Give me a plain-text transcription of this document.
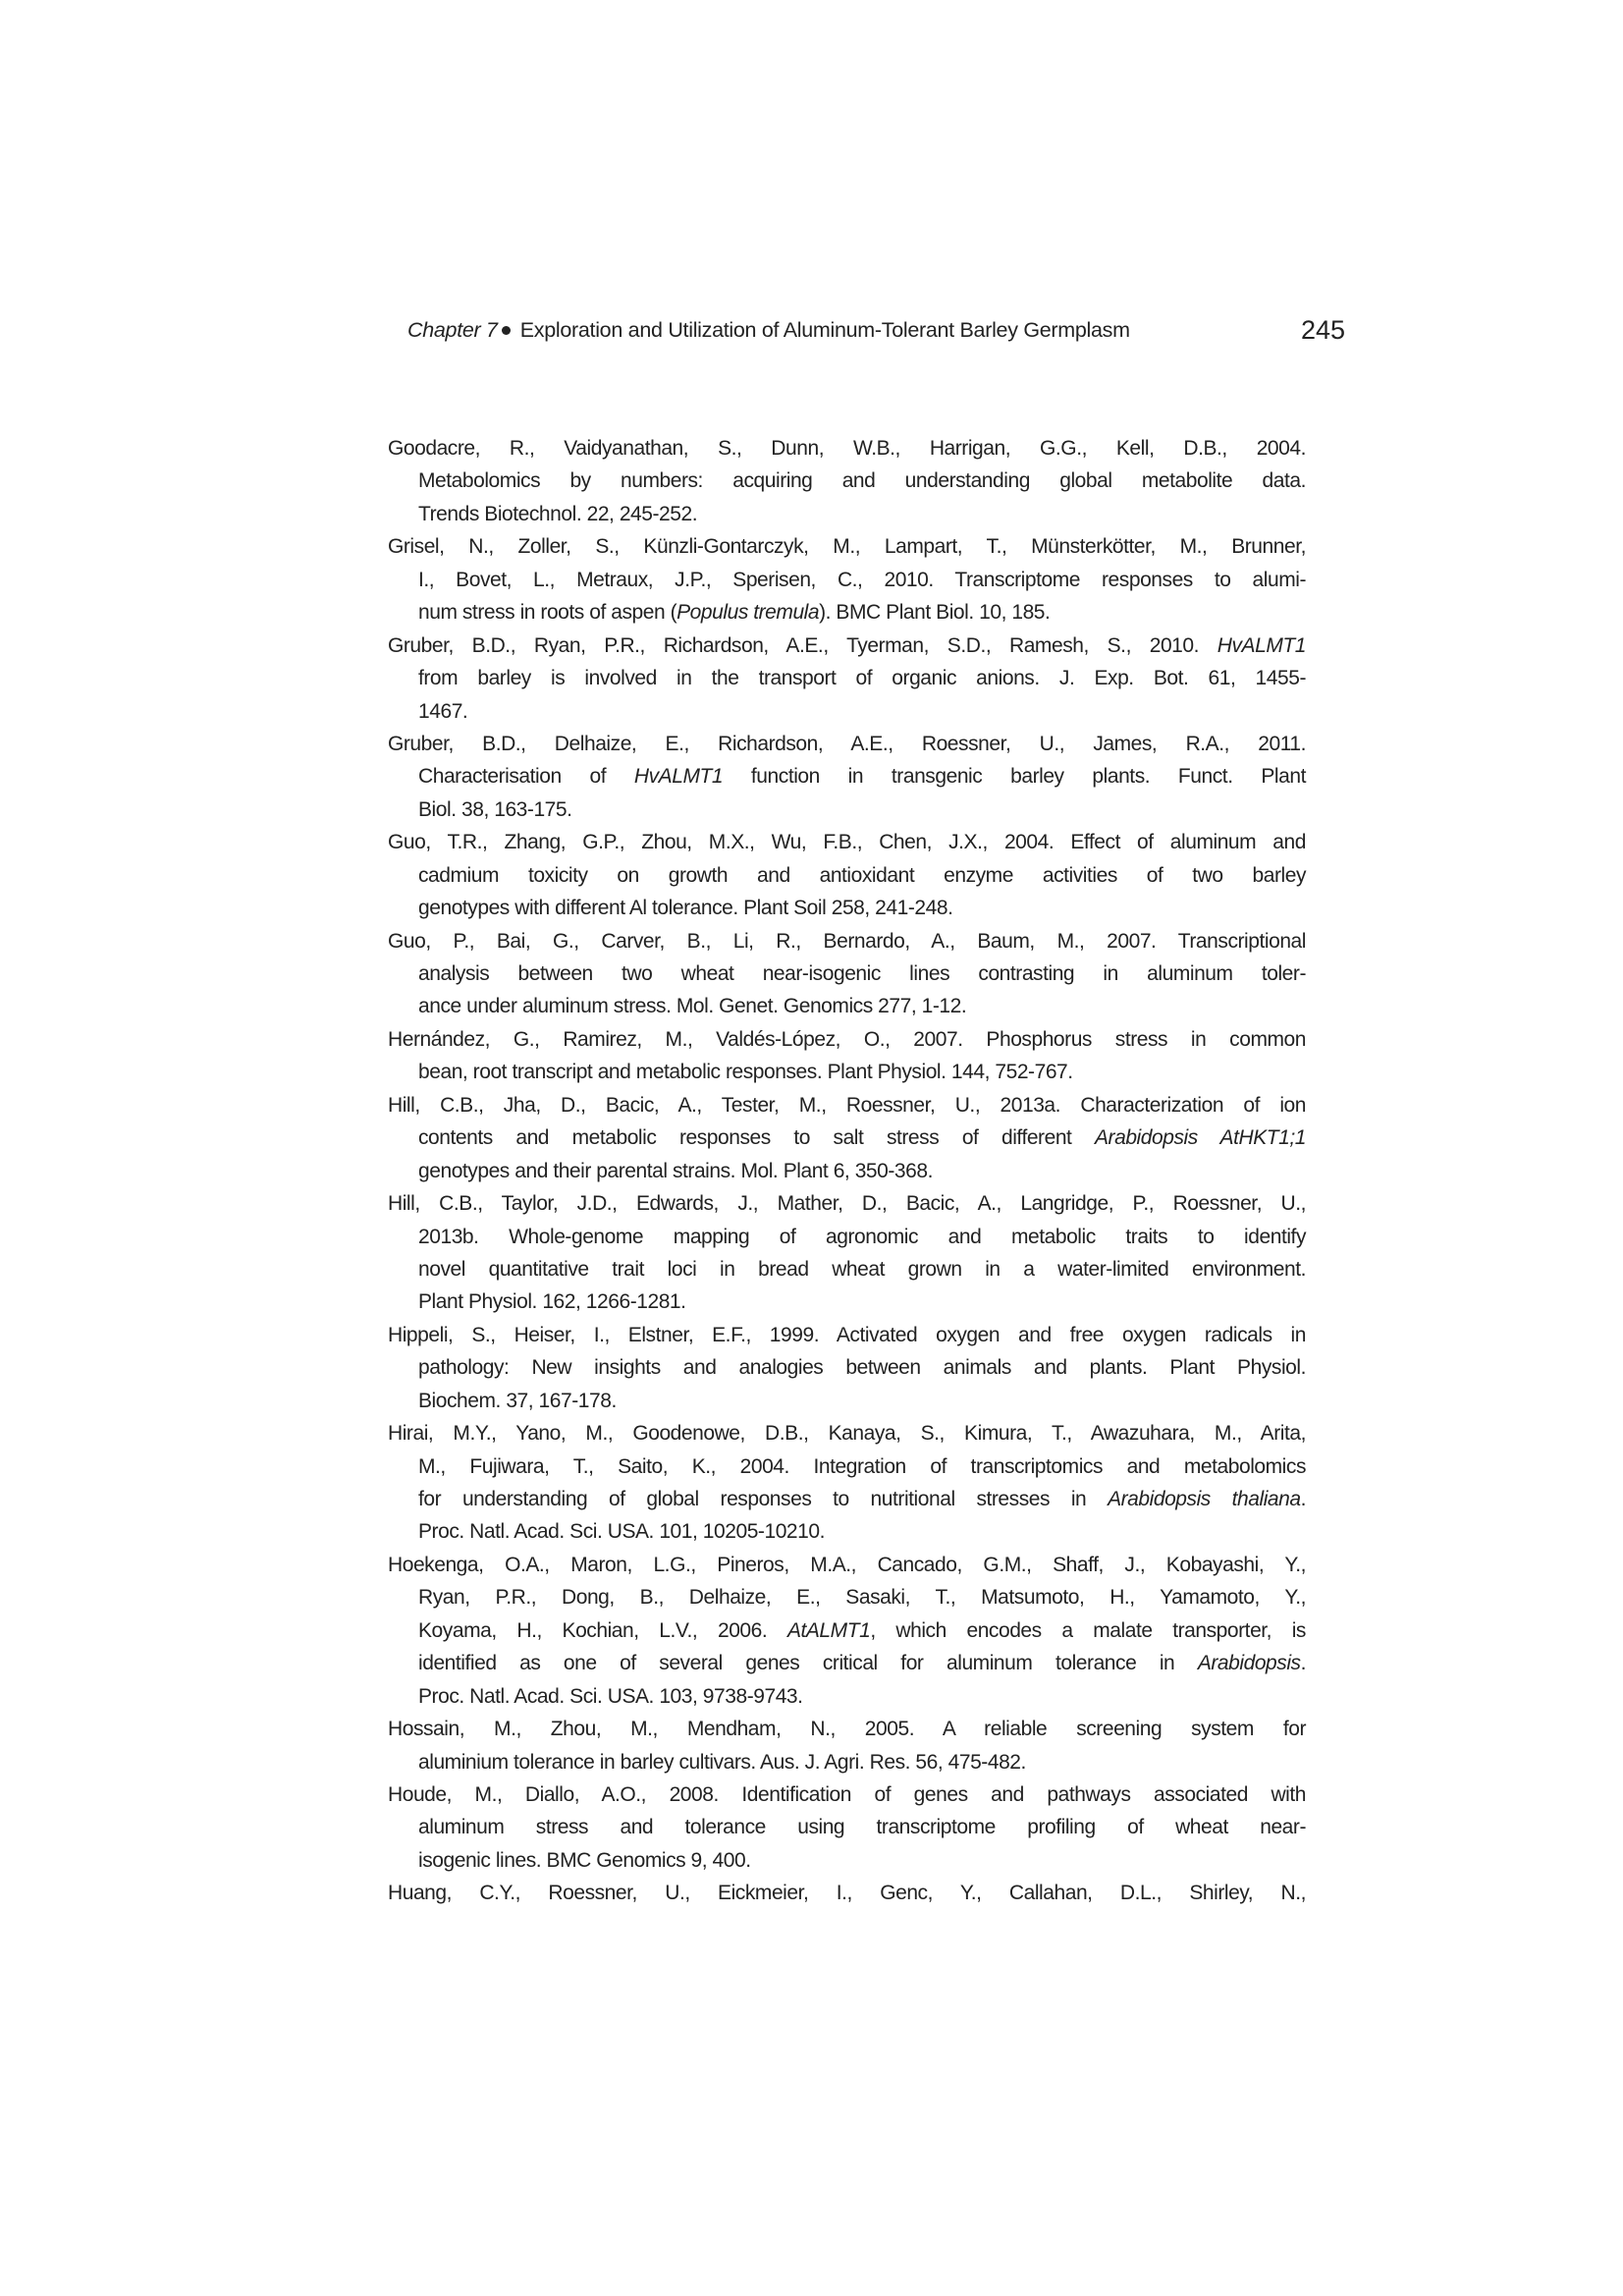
Chapter 7 Exploration and Utilization of Aluminum-Tolerant Barley Germplasm	245
Goodacre, R., Vaidyanathan, S., Dunn, W.B., Harrigan, G.G., Kell, D.B., 2004.
Metabolomics by numbers: acquiring and understanding global metabolite data.
Trends Biotechnol. 22, 245-252.
Grisel, N., Zoller, S., Künzli-Gontarczyk, M., Lampart, T., Münsterkötter, M., Brunner,
I., Bovet, L., Metraux, J.P., Sperisen, C., 2010. Transcriptome responses to alumi-
num stress in roots of aspen (Populus tremula). BMC Plant Biol. 10, 185.
Gruber, B.D., Ryan, P.R., Richardson, A.E., Tyerman, S.D., Ramesh, S., 2010. HvALMT1
from barley is involved in the transport of organic anions. J. Exp. Bot. 61, 1455-
1467.
Gruber, B.D., Delhaize, E., Richardson, A.E., Roessner, U., James, R.A., 2011.
Characterisation of HvALMT1 function in transgenic barley plants. Funct. Plant
Biol. 38, 163-175.
Guo, T.R., Zhang, G.P., Zhou, M.X., Wu, F.B., Chen, J.X., 2004. Effect of aluminum and
cadmium toxicity on growth and antioxidant enzyme activities of two barley
genotypes with different Al tolerance. Plant Soil 258, 241-248.
Guo, P., Bai, G., Carver, B., Li, R., Bernardo, A., Baum, M., 2007. Transcriptional
analysis between two wheat near-isogenic lines contrasting in aluminum toler-
ance under aluminum stress. Mol. Genet. Genomics 277, 1-12.
Hernández, G., Ramirez, M., Valdés-López, O., 2007. Phosphorus stress in common
bean, root transcript and metabolic responses. Plant Physiol. 144, 752-767.
Hill, C.B., Jha, D., Bacic, A., Tester, M., Roessner, U., 2013a. Characterization of ion
contents and metabolic responses to salt stress of different Arabidopsis AtHKT1;1
genotypes and their parental strains. Mol. Plant 6, 350-368.
Hill, C.B., Taylor, J.D., Edwards, J., Mather, D., Bacic, A., Langridge, P., Roessner, U.,
2013b. Whole-genome mapping of agronomic and metabolic traits to identify
novel quantitative trait loci in bread wheat grown in a water-limited environment.
Plant Physiol. 162, 1266-1281.
Hippeli, S., Heiser, I., Elstner, E.F., 1999. Activated oxygen and free oxygen radicals in
pathology: New insights and analogies between animals and plants. Plant Physiol.
Biochem. 37, 167-178.
Hirai, M.Y., Yano, M., Goodenowe, D.B., Kanaya, S., Kimura, T., Awazuhara, M., Arita,
M., Fujiwara, T., Saito, K., 2004. Integration of transcriptomics and metabolomics
for understanding of global responses to nutritional stresses in Arabidopsis thaliana.
Proc. Natl. Acad. Sci. USA. 101, 10205-10210.
Hoekenga, O.A., Maron, L.G., Pineros, M.A., Cancado, G.M., Shaff, J., Kobayashi, Y.,
Ryan, P.R., Dong, B., Delhaize, E., Sasaki, T., Matsumoto, H., Yamamoto, Y.,
Koyama, H., Kochian, L.V., 2006. AtALMT1, which encodes a malate transporter, is
identified as one of several genes critical for aluminum tolerance in Arabidopsis.
Proc. Natl. Acad. Sci. USA. 103, 9738-9743.
Hossain, M., Zhou, M., Mendham, N., 2005. A reliable screening system for
aluminium tolerance in barley cultivars. Aus. J. Agri. Res. 56, 475-482.
Houde, M., Diallo, A.O., 2008. Identification of genes and pathways associated with
aluminum stress and tolerance using transcriptome profiling of wheat near-
isogenic lines. BMC Genomics 9, 400.
Huang, C.Y., Roessner, U., Eickmeier, I., Genc, Y., Callahan, D.L., Shirley, N.,
